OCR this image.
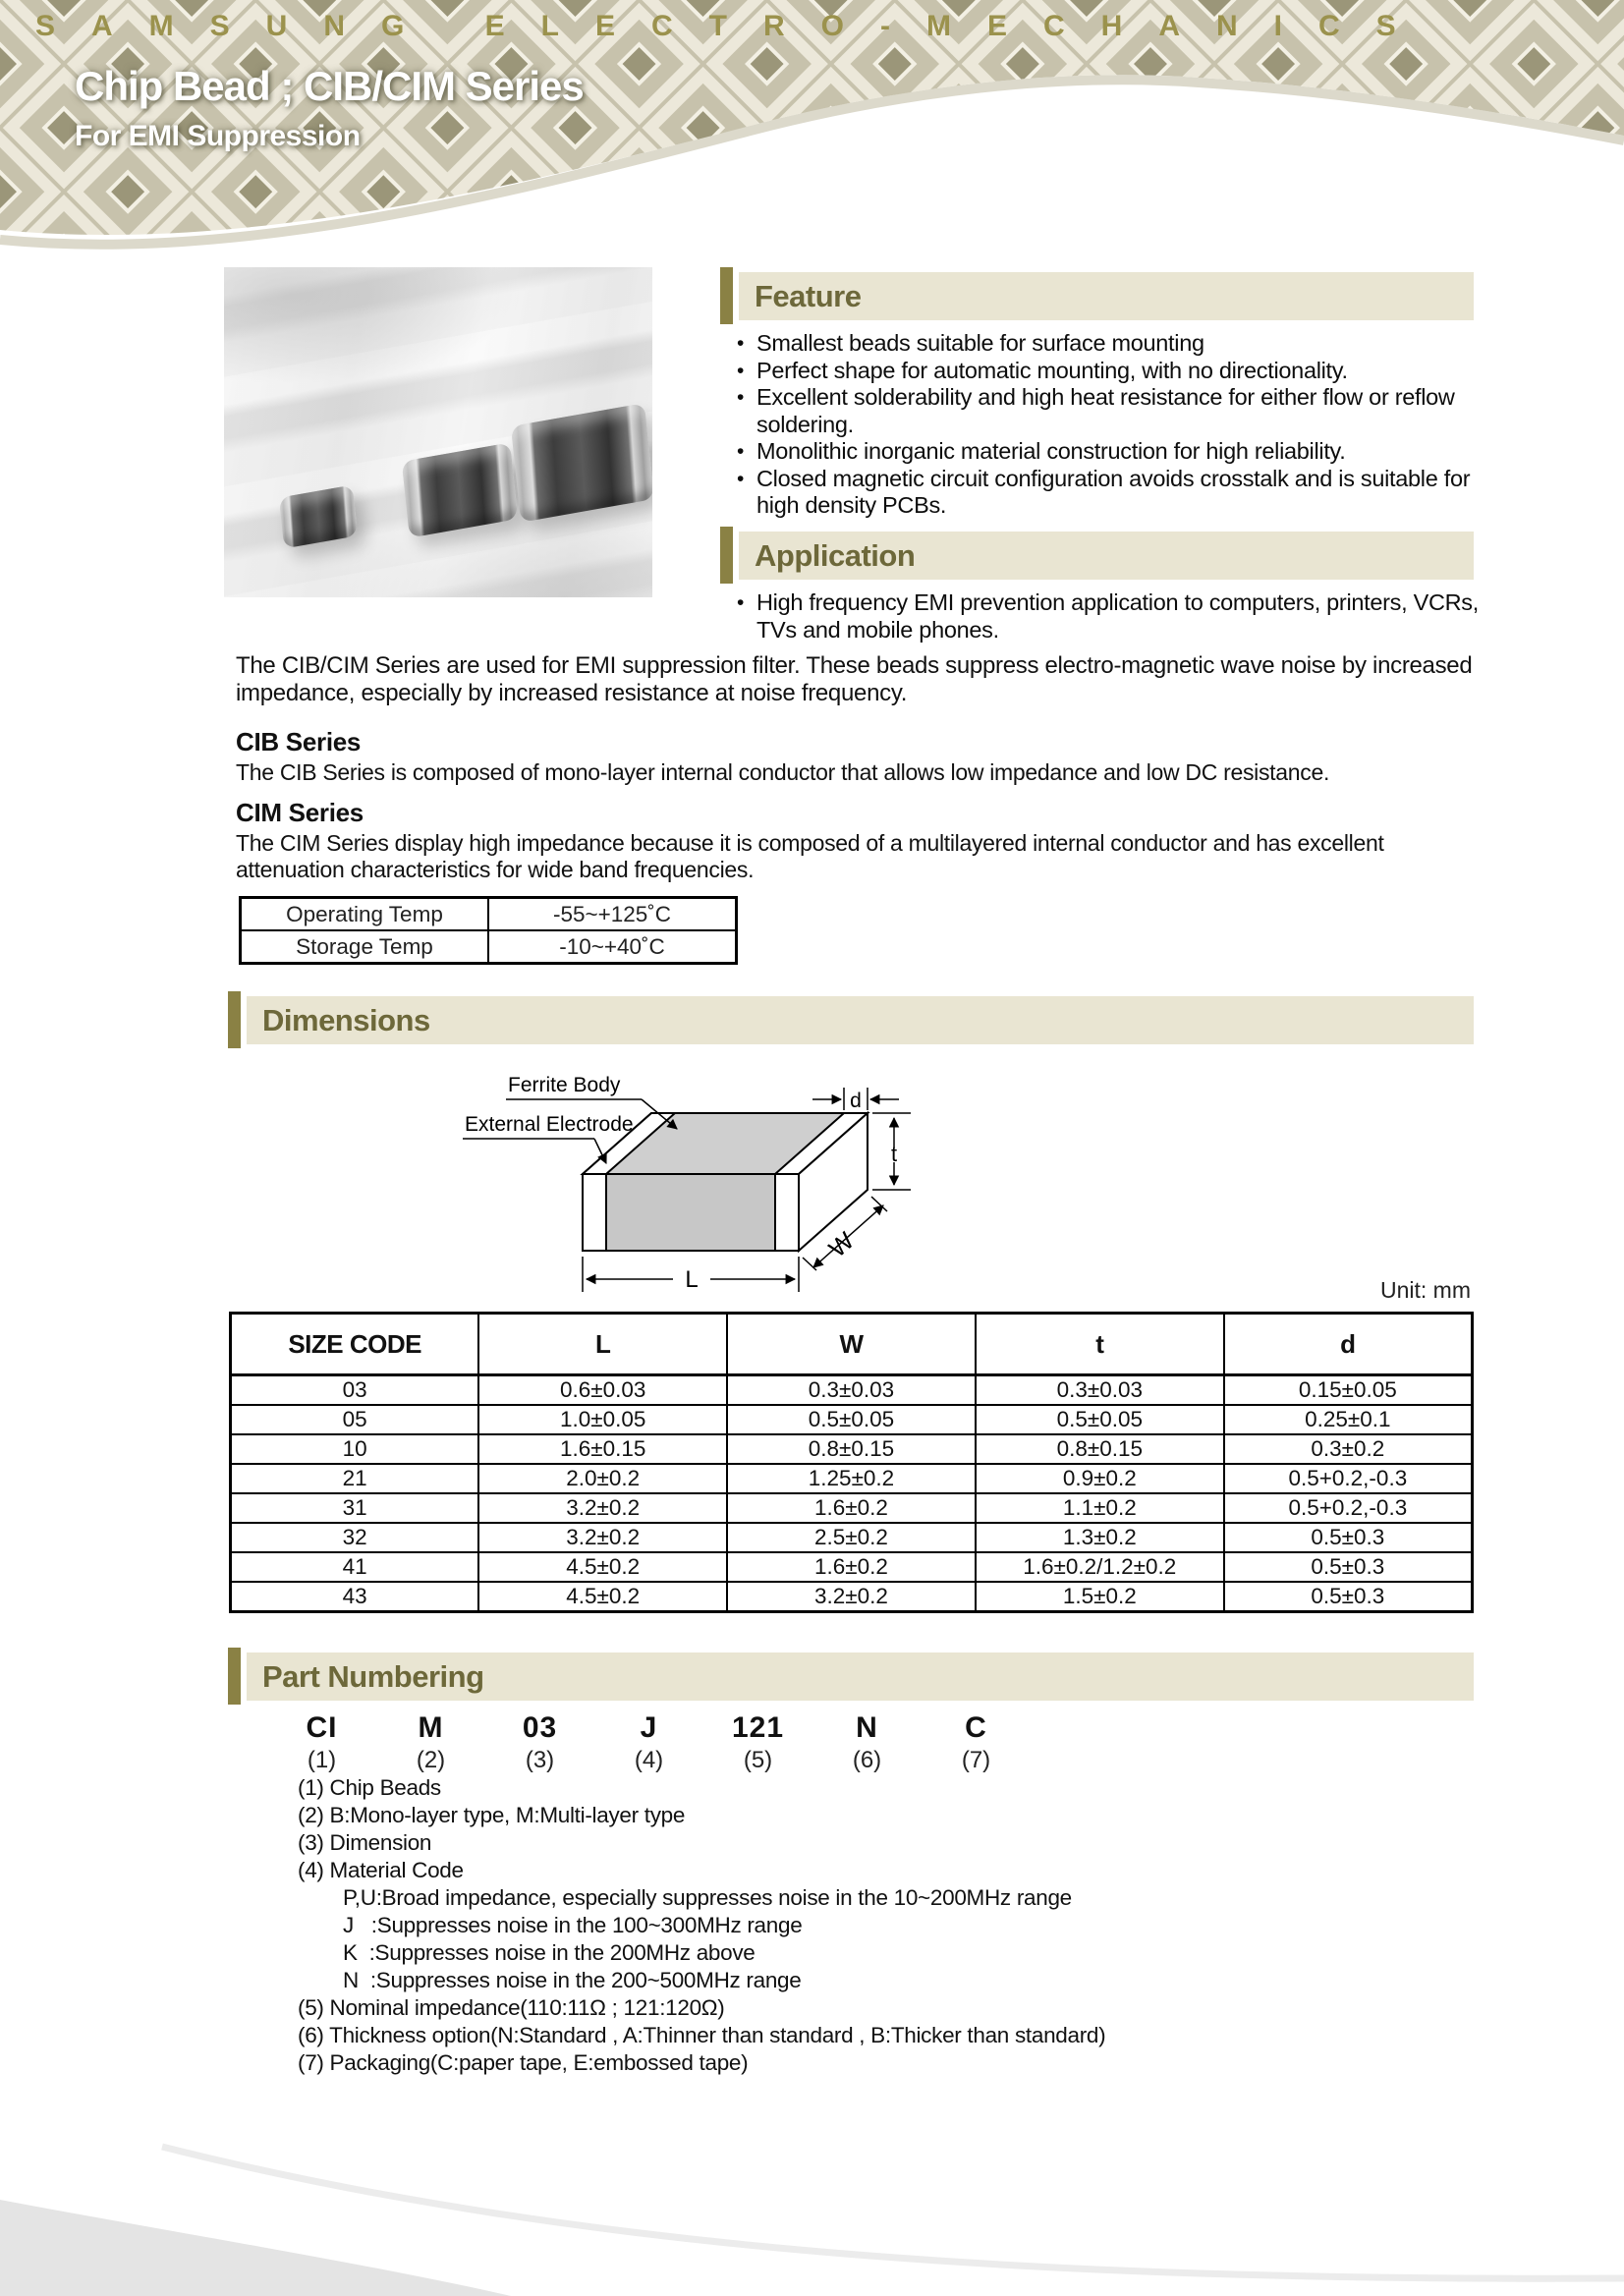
SAMSUNG ELECTRO-MECHANICS
Chip Bead ; CIB/CIM Series
For EMI Suppression
Feature
• Smallest beads suitable for surface mounting
• Perfect shape for automatic mounting, with no directionality.
• Excellent solderability and high heat resistance for either flow or reflow soldering.
• Monolithic inorganic material construction for high reliability.
• Closed magnetic circuit configuration avoids crosstalk and is suitable for high density PCBs.
Application
• High frequency EMI prevention application to computers, printers, VCRs, TVs and mobile phones.
The CIB/CIM Series are used for EMI suppression filter. These beads suppress electro-magnetic wave noise by increased impedance, especially by increased resistance at noise frequency.
CIB Series
The CIB Series is composed of mono-layer internal conductor that allows low impedance and low DC resistance.
CIM Series
The CIM Series display high impedance because it is composed of a multilayered internal conductor and has excellent attenuation characteristics for wide band frequencies.
Operating Temp	-55~+125˚C
Storage Temp	-10~+40˚C
Dimensions
d
t
W
L
Ferrite Body
External Electrode
Unit: mm
SIZE CODE	L	W	t	d
03	0.6±0.03	0.3±0.03	0.3±0.03	0.15±0.05
05	1.0±0.05	0.5±0.05	0.5±0.05	0.25±0.1
10	1.6±0.15	0.8±0.15	0.8±0.15	0.3±0.2
21	2.0±0.2	1.25±0.2	0.9±0.2	0.5+0.2,-0.3
31	3.2±0.2	1.6±0.2	1.1±0.2	0.5+0.2,-0.3
32	3.2±0.2	2.5±0.2	1.3±0.2	0.5±0.3
41	4.5±0.2	1.6±0.2	1.6±0.2/1.2±0.2	0.5±0.3
43	4.5±0.2	3.2±0.2	1.5±0.2	0.5±0.3
Part Numbering
CI
(1)
M
(2)
03
(3)
J
(4)
121
(5)
N
(6)
C
(7)
(1) Chip Beads
(2) B:Mono-layer type, M:Multi-layer type
(3) Dimension
(4) Material Code
P,U:Broad impedance, especially suppresses noise in the 10~200MHz range
J   :Suppresses noise in the 100~300MHz range
K  :Suppresses noise in the 200MHz above
N  :Suppresses noise in the 200~500MHz range
(5) Nominal impedance(110:11Ω ; 121:120Ω)
(6) Thickness option(N:Standard , A:Thinner than standard , B:Thicker than standard)
(7) Packaging(C:paper tape, E:embossed tape)
